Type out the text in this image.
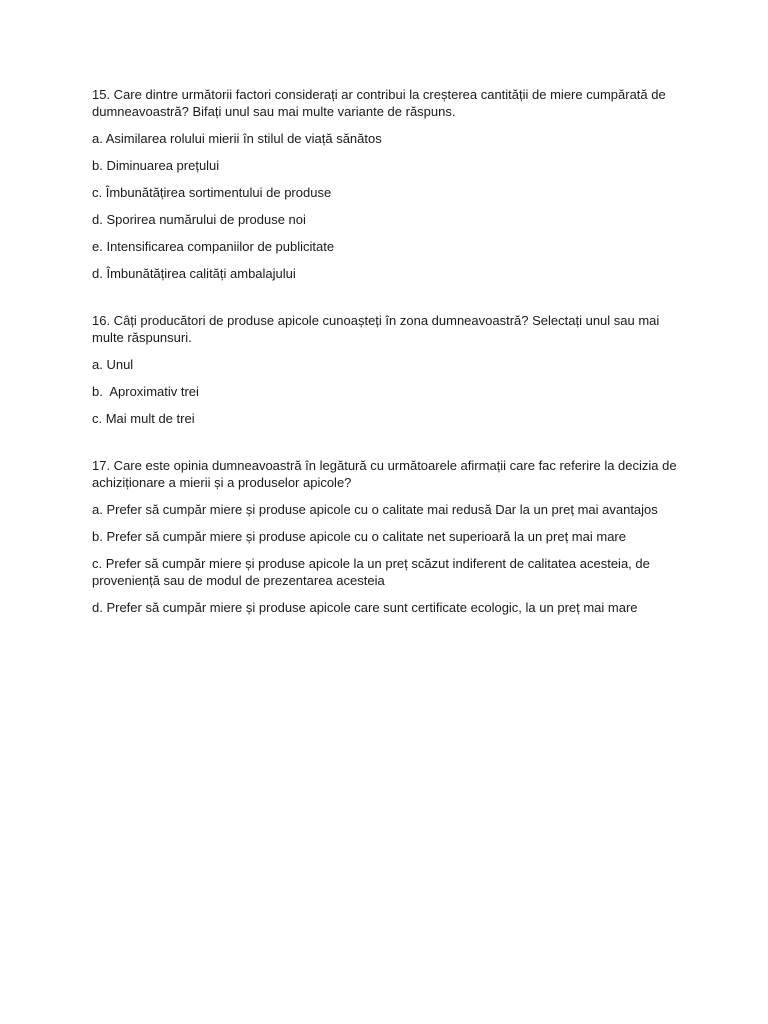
15. Care dintre următorii factori considerați ar contribui la creșterea cantității de miere cumpărată de dumneavoastră? Bifați unul sau mai multe variante de răspuns.

a. Asimilarea rolului mierii în stilul de viață sănătos

b. Diminuarea prețului

c. Îmbunătățirea sortimentului de produse

d. Sporirea numărului de produse noi

e. Intensificarea companiilor de publicitate

d. Îmbunătățirea calități ambalajului

16. Câți producători de produse apicole cunoașteți în zona dumneavoastră? Selectați unul sau mai multe răspunsuri.

a. Unul

b.  Aproximativ trei

c. Mai mult de trei

17. Care este opinia dumneavoastră în legătură cu următoarele afirmații care fac referire la decizia de achiziționare a mierii și a produselor apicole?

a. Prefer să cumpăr miere și produse apicole cu o calitate mai redusă Dar la un preț mai avantajos

b. Prefer să cumpăr miere și produse apicole cu o calitate net superioară la un preț mai mare

c. Prefer să cumpăr miere și produse apicole la un preț scăzut indiferent de calitatea acesteia, de proveniență sau de modul de prezentarea acesteia

d. Prefer să cumpăr miere și produse apicole care sunt certificate ecologic, la un preț mai mare
